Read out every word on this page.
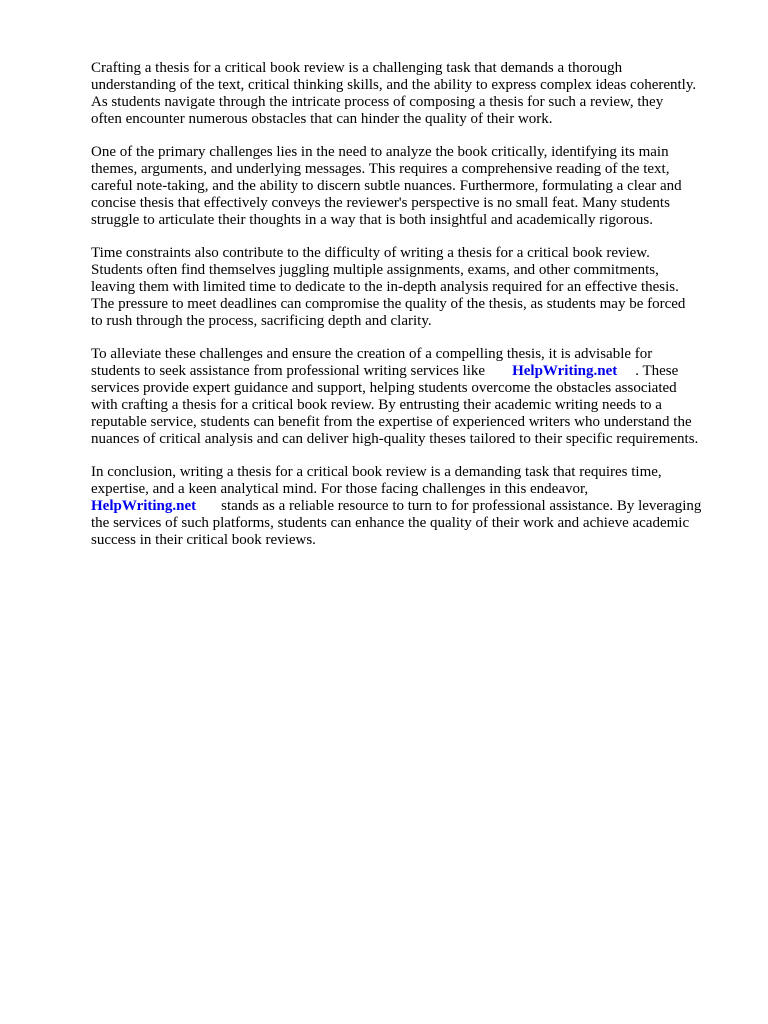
Crafting a thesis for a critical book review is a challenging task that demands a thorough
understanding of the text, critical thinking skills, and the ability to express complex ideas coherently.
As students navigate through the intricate process of composing a thesis for such a review, they
often encounter numerous obstacles that can hinder the quality of their work.

One of the primary challenges lies in the need to analyze the book critically, identifying its main
themes, arguments, and underlying messages. This requires a comprehensive reading of the text,
careful note-taking, and the ability to discern subtle nuances. Furthermore, formulating a clear and
concise thesis that effectively conveys the reviewer's perspective is no small feat. Many students
struggle to articulate their thoughts in a way that is both insightful and academically rigorous.

Time constraints also contribute to the difficulty of writing a thesis for a critical book review.
Students often find themselves juggling multiple assignments, exams, and other commitments,
leaving them with limited time to dedicate to the in-depth analysis required for an effective thesis.
The pressure to meet deadlines can compromise the quality of the thesis, as students may be forced
to rush through the process, sacrificing depth and clarity.

To alleviate these challenges and ensure the creation of a compelling thesis, it is advisable for
students to seek assistance from professional writing services like HelpWriting.net . These
services provide expert guidance and support, helping students overcome the obstacles associated
with crafting a thesis for a critical book review. By entrusting their academic writing needs to a
reputable service, students can benefit from the expertise of experienced writers who understand the
nuances of critical analysis and can deliver high-quality theses tailored to their specific requirements.

In conclusion, writing a thesis for a critical book review is a demanding task that requires time,
expertise, and a keen analytical mind. For those facing challenges in this endeavor,
HelpWriting.net stands as a reliable resource to turn to for professional assistance. By leveraging
the services of such platforms, students can enhance the quality of their work and achieve academic
success in their critical book reviews.
